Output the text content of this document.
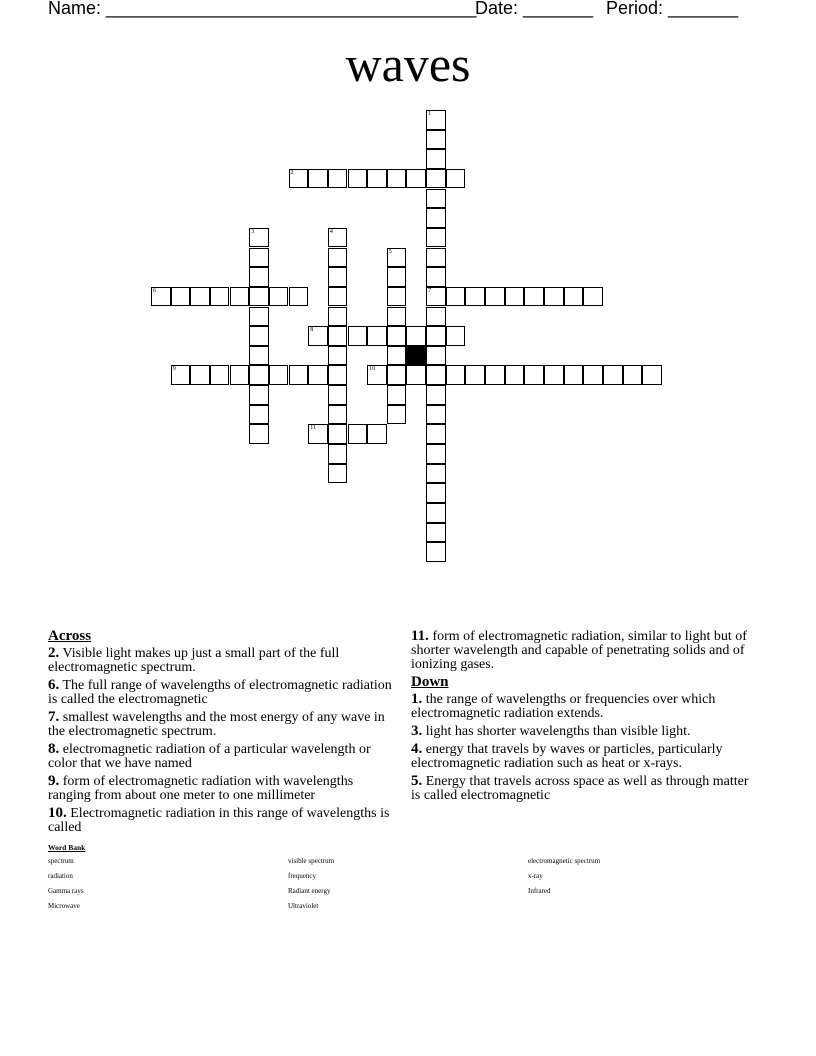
Name: _____________________________________

Date: _______

Period: _______

waves
1
7
2
3	4
5
6
8
9	10
11
Across
2. Visible light makes up just a small part of the full electromagnetic spectrum.
6. The full range of wavelengths of electromagnetic radiation is called the electromagnetic
7. smallest wavelengths and the most energy of any wave in the electromagnetic spectrum.
8. electromagnetic radiation of a particular wavelength or color that we have named
9. form of electromagnetic radiation with wavelengths ranging from about one meter to one millimeter
10. Electromagnetic radiation in this range of wavelengths is called
11. form of electromagnetic radiation, similar to light but of shorter wavelength and capable of penetrating solids and of ionizing gases.
Down
1. the range of wavelengths or frequencies over which electromagnetic radiation extends.
3. light has shorter wavelengths than visible light.
4. energy that travels by waves or particles, particularly electromagnetic radiation such as heat or x-rays.
5. Energy that travels across space as well as through matter is called electromagnetic
Word Bank
spectrum	visible spectrum	electromagnetic spectrum
radiation	frequency	x-ray
Gamma rays	Radiant energy	Infrared
Microwave	Ultraviolet
